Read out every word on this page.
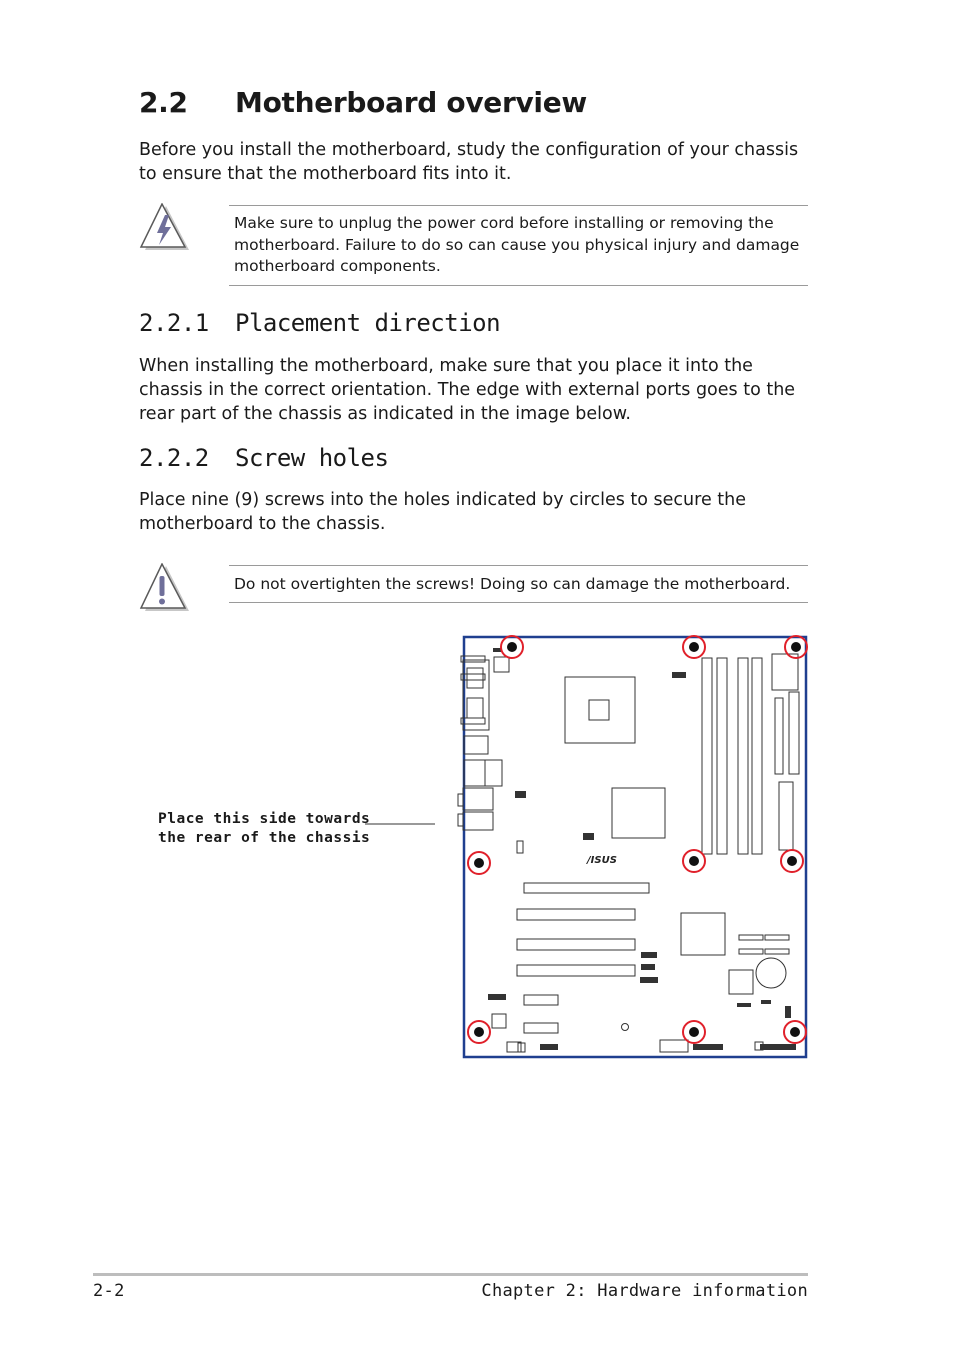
2.2 Motherboard overview
Before you install the motherboard, study the configuration of your chassis to ensure that the motherboard fits into it.
Make sure to unplug the power cord before installing or removing the motherboard. Failure to do so can cause you physical injury and damage motherboard components.
2.2.1 Placement direction
When installing the motherboard, make sure that you place it into the chassis in the correct orientation. The edge with external ports goes to the rear part of the chassis as indicated in the image below.
2.2.2 Screw holes
Place nine (9) screws into the holes indicated by circles to secure the motherboard to the chassis.
Do not overtighten the screws! Doing so can damage the motherboard.
Place this side towards
the rear of the chassis
/ISUS
2-2	Chapter 2: Hardware information
